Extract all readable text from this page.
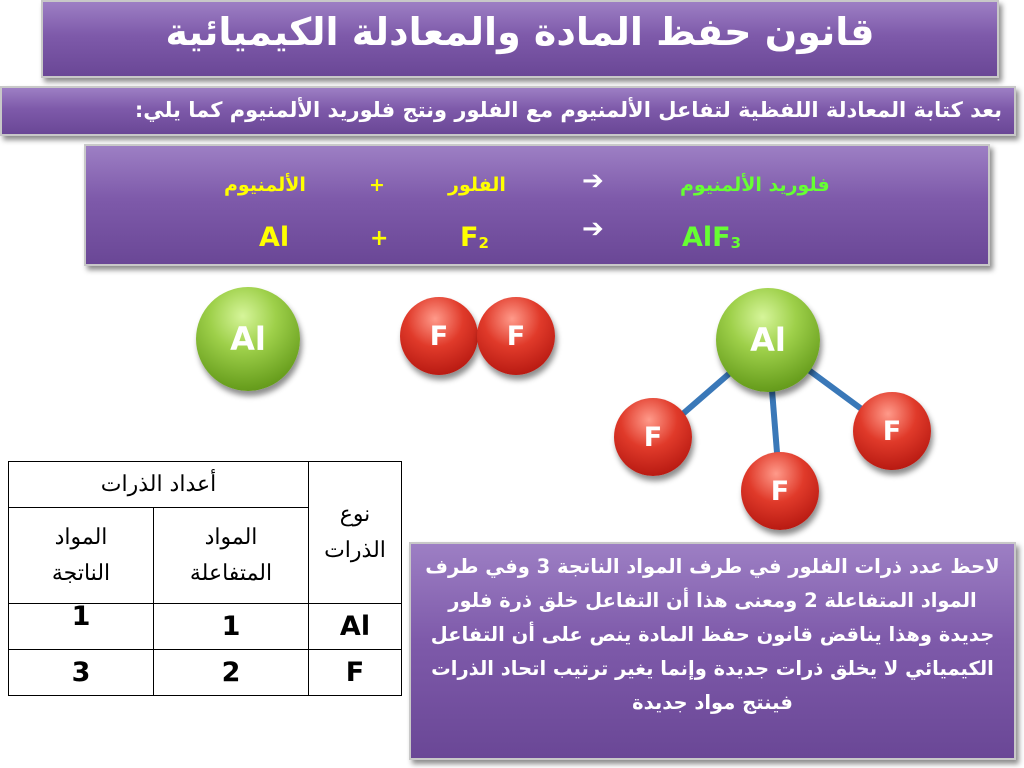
قانون حفظ المادة والمعادلة الكيميائية
بعد كتابة المعادلة اللفظية لتفاعل الألمنيوم مع الفلور ونتج فلوريد الألمنيوم كما يلي:
الألمنيوم	+	الفلور	➔	فلوريد الألمنيوم
Al	+	$F_2$	➔	AlF$_3$
Al	F	F	Al
F	F
F
أعداد الذرات		نوع الذرات

المواد الناتجة	المواد المتفاعلة	

1	1	Al
3	2	F
لاحظ عدد ذرات الفلور في طرف المواد الناتجة 3 وفي طرف المواد المتفاعلة 2 ومعنى هذا أن التفاعل خلق ذرة فلور جديدة وهذا يناقض قانون حفظ المادة ينص على أن التفاعل الكيميائي لا يخلق ذرات جديدة وإنما يغير ترتيب اتحاد الذرات فينتج مواد جديدة
